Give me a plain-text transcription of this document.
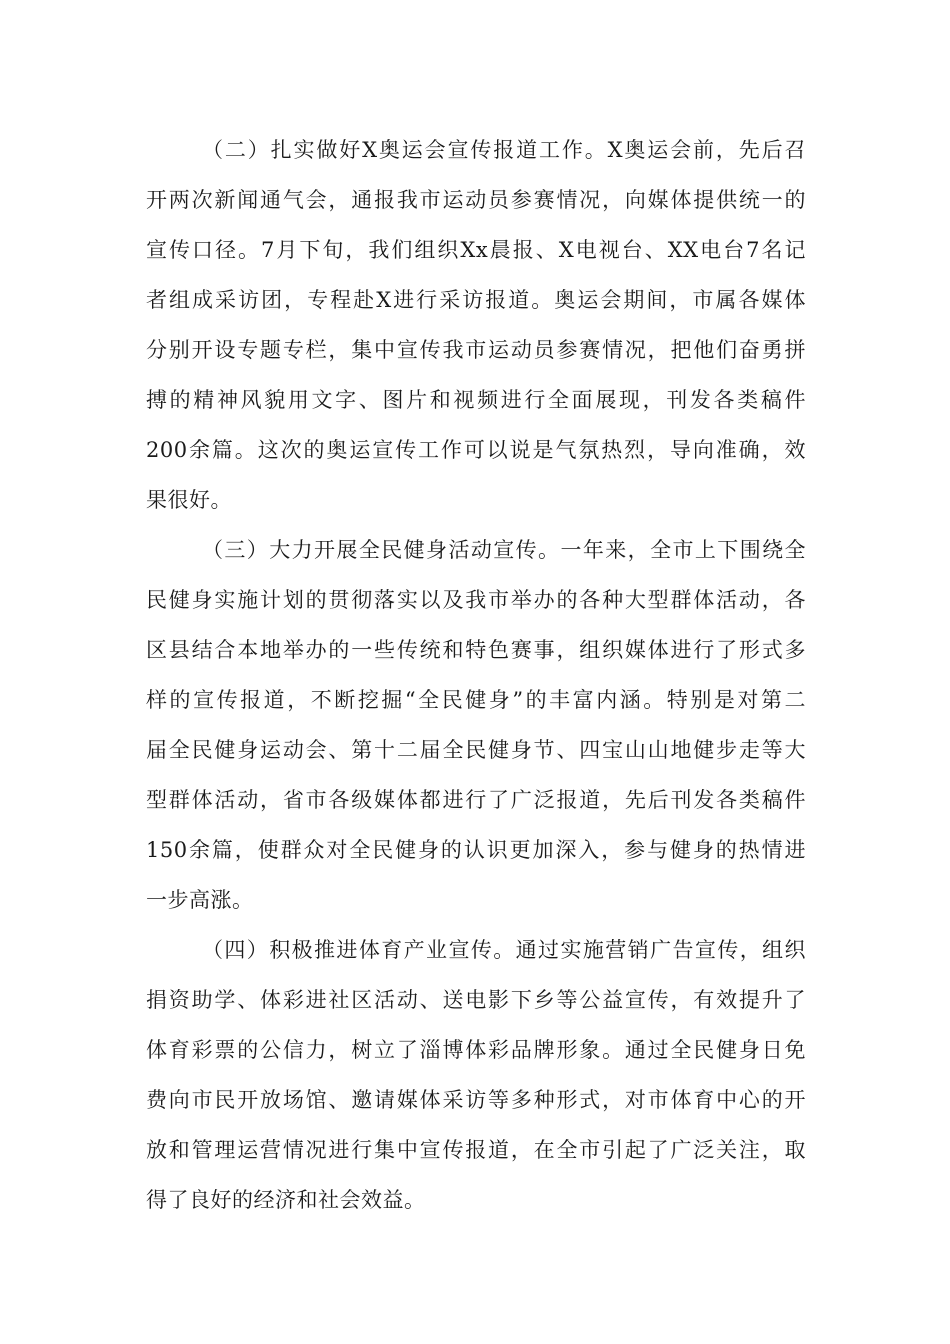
（二）扎实做好X奥运会宣传报道工作。X奥运会前，先后召

开两次新闻通气会，通报我市运动员参赛情况，向媒体提供统一的

宣传口径。7月下旬，我们组织Xx晨报、X电视台、XX电台7名记

者组成采访团，专程赴X进行采访报道。奥运会期间，市属各媒体

分别开设专题专栏，集中宣传我市运动员参赛情况，把他们奋勇拼

搏的精神风貌用文字、图片和视频进行全面展现，刊发各类稿件

200余篇。这次的奥运宣传工作可以说是气氛热烈，导向准确，效

果很好。

（三）大力开展全民健身活动宣传。一年来，全市上下围绕全

民健身实施计划的贯彻落实以及我市举办的各种大型群体活动，各

区县结合本地举办的一些传统和特色赛事，组织媒体进行了形式多

样的宣传报道，不断挖掘“全民健身”的丰富内涵。特别是对第二

届全民健身运动会、第十二届全民健身节、四宝山山地健步走等大

型群体活动，省市各级媒体都进行了广泛报道，先后刊发各类稿件

150余篇，使群众对全民健身的认识更加深入，参与健身的热情进

一步高涨。

（四）积极推进体育产业宣传。通过实施营销广告宣传，组织

捐资助学、体彩进社区活动、送电影下乡等公益宣传，有效提升了

体育彩票的公信力，树立了淄博体彩品牌形象。通过全民健身日免

费向市民开放场馆、邀请媒体采访等多种形式，对市体育中心的开

放和管理运营情况进行集中宣传报道，在全市引起了广泛关注，取

得了良好的经济和社会效益。
